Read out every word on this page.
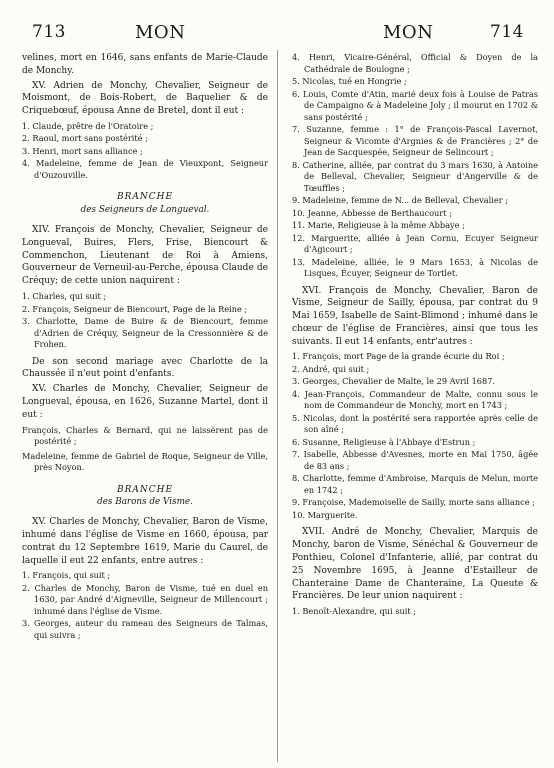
713	MON	MON	714

velines, mort en 1646, sans enfants de Marie-Claude de Monchy.

XV. Adrien de Monchy, Chevalier, Seigneur de Moismont, de Bois-Robert, de Baquelier & de Criquebœuf, épousa Anne de Bretel, dont il eut :

1. Claude, prêtre de l'Oratoire ;
2. Raoul, mort sans postérité ;
3. Henri, mort sans alliance ;
4. Madeleine, femme de Jean de Vieuxpont, Seigneur d'Ouzouville.

BRANCHE

des Seigneurs de Longueval.

XIV. François de Monchy, Chevalier, Seigneur de Longueval, Buires, Flers, Frise, Biencourt & Commenchon, Lieutenant de Roi à Amiens, Gouverneur de Verneuil-au-Perche, épousa Claude de Créquy; de cette union naquirent :

1. Charles, qui suit ;
2. François, Seigneur de Biencourt, Page de la Reine ;
3. Charlotte, Dame de Buire & de Biencourt, femme d'Adrien de Créquy, Seigneur de la Cressonnière & de Frohen.

De son second mariage avec Charlotte de la Chaussée il n'eut point d'enfants.

XV. Charles de Monchy, Chevalier, Seigneur de Longueval, épousa, en 1626, Suzanne Martel, dont il eut :

François, Charles & Bernard, qui ne laissèrent pas de postérité ;

Madeleine, femme de Gabriel de Roque, Seigneur de Ville, près Noyon.

BRANCHE

des Barons de Visme.

XV. Charles de Monchy, Chevalier, Baron de Visme, inhumé dans l'église de Visme en 1660, épousa, par contrat du 12 Septembre 1619, Marie du Caurel, de laquelle il eut 22 enfants, entre autres :

1. François, qui suit ;
2. Charles de Monchy, Baron de Visme, tué en duel en 1630, par André d'Aigneville, Seigneur de Millencourt ; inhumé dans l'église de Visme.
3. Georges, auteur du rameau des Seigneurs de Talmas, qui suivra ;
4. Henri, Vicaire-Général, Official & Doyen de la Cathédrale de Boulogne ;
5. Nicolas, tué en Hongrie ;
6. Louis, Comte d'Atin, marié deux fois à Louise de Patras de Campaigno & à Madeleine Joly ; il mourut en 1702 & sans postérité ;
7. Suzanne, femme : 1° de François-Pascal Lavernot, Seigneur & Vicomte d'Argnies & de Francières ; 2° de Jean de Sacquespée, Seigneur de Selincourt ;
8. Catherine, alliée, par contrat du 3 mars 1630, à Antoine de Belleval, Chevalier, Seigneur d'Angerville & de Tœuffles ;
9. Madeleine, femme de N... de Belleval, Chevalier ;
10. Jeanne, Abbesse de Berthaucourt ;
11. Marie, Religieuse à la même Abbaye ;
12. Marguerite, alliée à Jean Cornu, Ecuyer Seigneur d'Agicourt ;
13. Madeleine, alliée, le 9 Mars 1653, à Nicolas de Lisques, Écuyer, Seigneur de Tortlet.

XVI. François de Monchy, Chevalier, Baron de Visme, Seigneur de Sailly, épousa, par contrat du 9 Mai 1659, Isabelle de Saint-Blimond ; inhumé dans le chœur de l'église de Francières, ainsi que tous les suivants. Il eut 14 enfants, entr'autres :

1. François, mort Page de la grande écurie du Roi ;
2. André, qui suit ;
3. Georges, Chevalier de Malte, le 29 Avril 1687.
4. Jean-François, Commandeur de Malte, connu sous le nom de Commandeur de Monchy, mort en 1743 ;
5. Nicolas, dont la postérité sera rapportée après celle de son aîné ;
6. Susanne, Religieuse à l'Abbaye d'Estrun ;
7. Isabelle, Abbesse d'Avesnes, morte en Mai 1750, âgée de 83 ans ;
8. Charlotte, femme d'Ambroise, Marquis de Melun, morte en 1742 ;
9. Françoise, Mademoiselle de Sailly, morte sans alliance ;
10. Marguerite.

XVII. André de Monchy, Chevalier, Marquis de Monchy, baron de Visme, Sénéchal & Gouverneur de Ponthieu, Colonel d'Infanterie, allié, par contrat du 25 Novembre 1695, à Jeanne d'Estailleur de Chanteraine Dame de Chanteraine, La Queute & Francières. De leur union naquirent :

1. Benoît-Alexandre, qui suit ;
